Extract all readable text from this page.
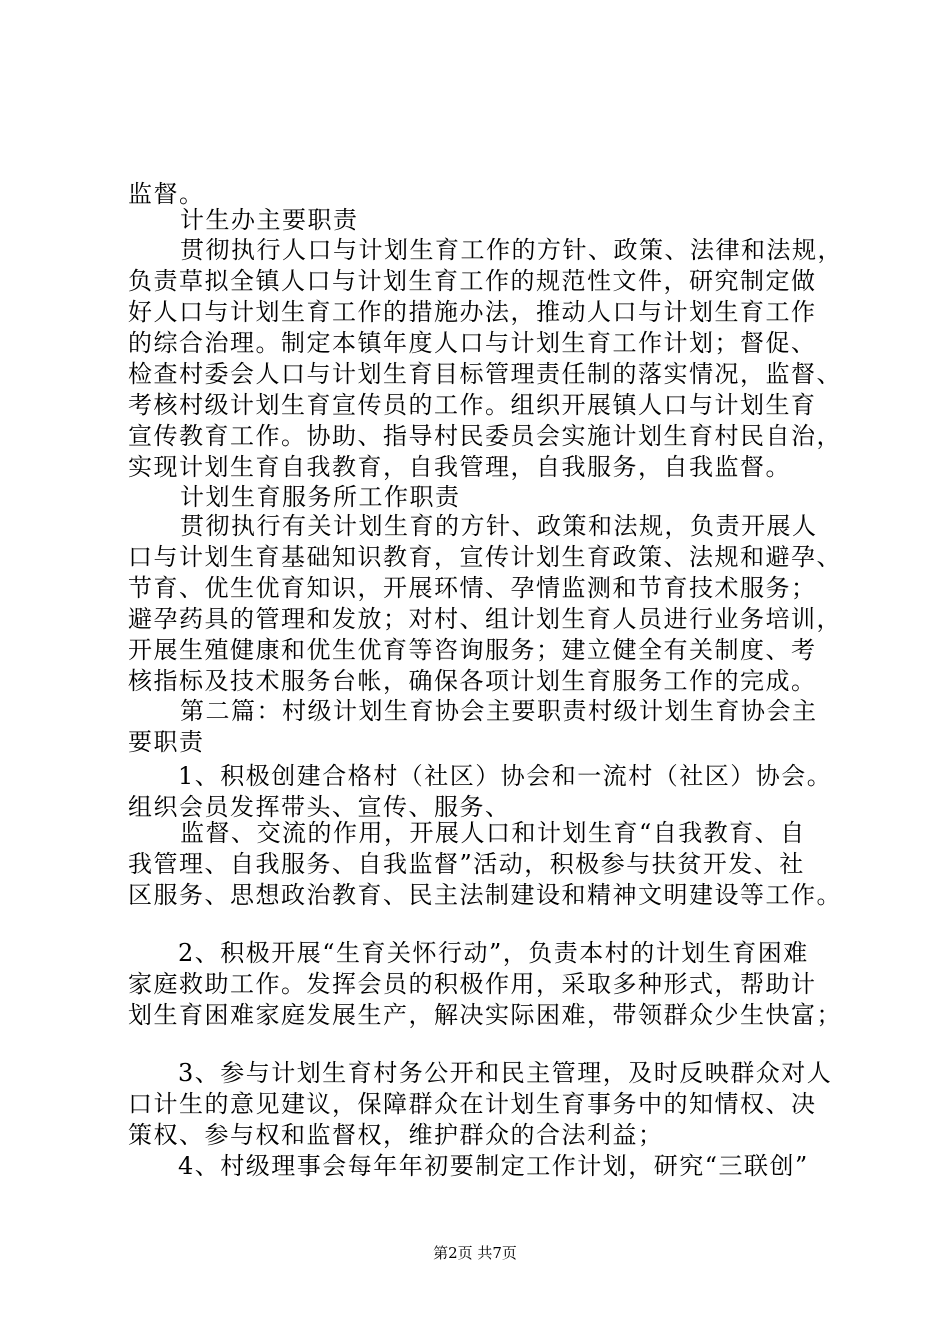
监督。
计生办主要职责
贯彻执行人口与计划生育工作的方针、政策、法律和法规，
负责草拟全镇人口与计划生育工作的规范性文件，研究制定做
好人口与计划生育工作的措施办法，推动人口与计划生育工作
的综合治理。制定本镇年度人口与计划生育工作计划；督促、
检查村委会人口与计划生育目标管理责任制的落实情况，监督、
考核村级计划生育宣传员的工作。组织开展镇人口与计划生育
宣传教育工作。协助、指导村民委员会实施计划生育村民自治，
实现计划生育自我教育，自我管理，自我服务，自我监督。
计划生育服务所工作职责
贯彻执行有关计划生育的方针、政策和法规，负责开展人
口与计划生育基础知识教育，宣传计划生育政策、法规和避孕、
节育、优生优育知识，开展环情、孕情监测和节育技术服务；
避孕药具的管理和发放；对村、组计划生育人员进行业务培训，
开展生殖健康和优生优育等咨询服务；建立健全有关制度、考
核指标及技术服务台帐，确保各项计划生育服务工作的完成。
第二篇：村级计划生育协会主要职责村级计划生育协会主
要职责
1、积极创建合格村（社区）协会和一流村（社区）协会。
组织会员发挥带头、宣传、服务、
监督、交流的作用，开展人口和计划生育“自我教育、自
我管理、自我服务、自我监督”活动，积极参与扶贫开发、社
区服务、思想政治教育、民主法制建设和精神文明建设等工作。
2、积极开展“生育关怀行动”，负责本村的计划生育困难
家庭救助工作。发挥会员的积极作用，采取多种形式，帮助计
划生育困难家庭发展生产，解决实际困难，带领群众少生快富；
3、参与计划生育村务公开和民主管理，及时反映群众对人
口计生的意见建议，保障群众在计划生育事务中的知情权、决
策权、参与权和监督权，维护群众的合法利益；
4、村级理事会每年年初要制定工作计划，研究“三联创”
第2页 共7页
